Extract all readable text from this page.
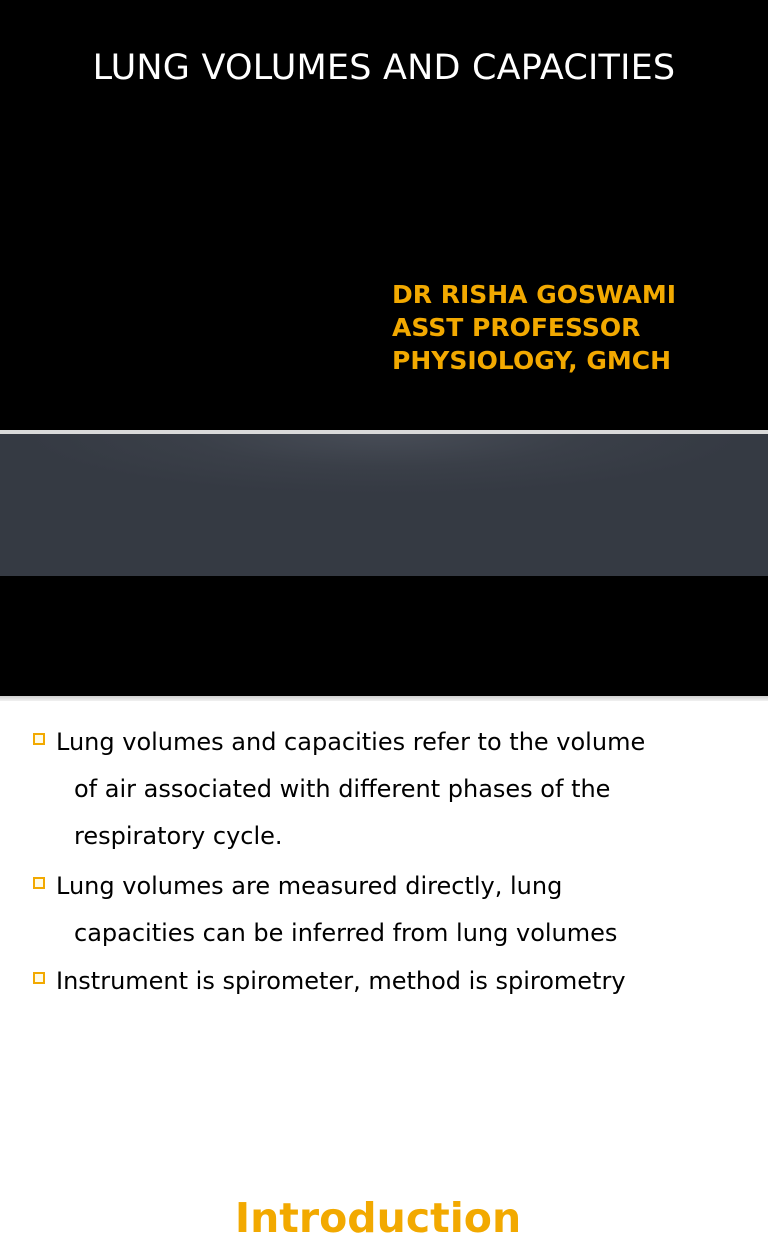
LUNG VOLUMES AND CAPACITIES
DR RISHA GOSWAMI
ASST PROFESSOR
PHYSIOLOGY, GMCH
Introduction
Lung volumes and capacities refer to the volume
of air associated with different phases of the
respiratory cycle.
Lung volumes are measured directly, lung
capacities can be inferred from lung volumes
Instrument is spirometer, method is spirometry
